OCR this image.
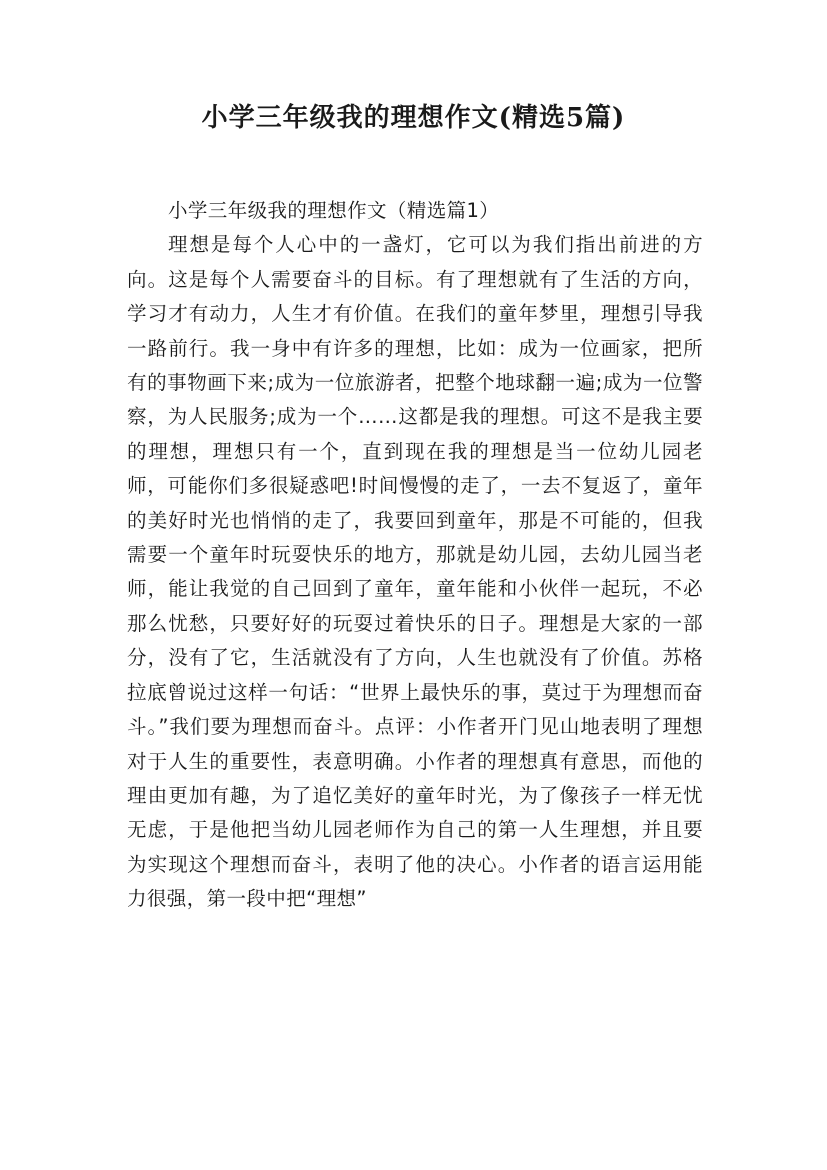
小学三年级我的理想作文(精选5篇)
小学三年级我的理想作文（精选篇1）

理想是每个人心中的一盏灯，它可以为我们指出前进的方向。这是每个人需要奋斗的目标。有了理想就有了生活的方向，学习才有动力，人生才有价值。在我们的童年梦里，理想引导我一路前行。我一身中有许多的理想，比如：成为一位画家，把所有的事物画下来;成为一位旅游者，把整个地球翻一遍;成为一位警察，为人民服务;成为一个……这都是我的理想。可这不是我主要的理想，理想只有一个，直到现在我的理想是当一位幼儿园老师，可能你们多很疑惑吧!时间慢慢的走了，一去不复返了，童年的美好时光也悄悄的走了，我要回到童年，那是不可能的，但我需要一个童年时玩耍快乐的地方，那就是幼儿园，去幼儿园当老师，能让我觉的自己回到了童年，童年能和小伙伴一起玩，不必那么忧愁，只要好好的玩耍过着快乐的日子。理想是大家的一部分，没有了它，生活就没有了方向，人生也就没有了价值。苏格拉底曾说过这样一句话：“世界上最快乐的事，莫过于为理想而奋斗。”我们要为理想而奋斗。点评：小作者开门见山地表明了理想对于人生的重要性，表意明确。小作者的理想真有意思，而他的理由更加有趣，为了追忆美好的童年时光，为了像孩子一样无忧无虑，于是他把当幼儿园老师作为自己的第一人生理想，并且要为实现这个理想而奋斗，表明了他的决心。小作者的语言运用能力很强，第一段中把“理想”
